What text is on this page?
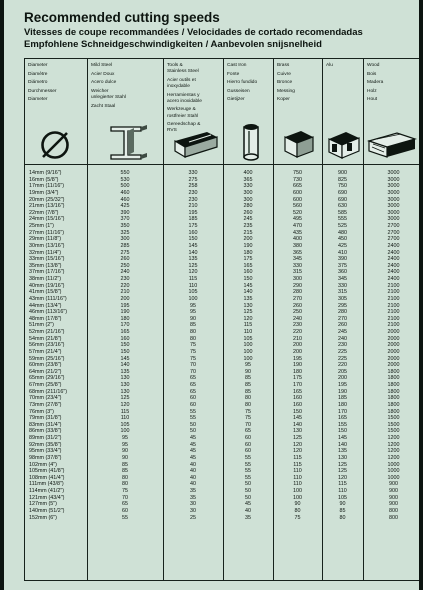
Recommended cutting speeds
Vitesses de coupe recommandées / Velocidades de cortado recomendadas
Empfohlene Schneidgeschwindigkeiten / Aanbevolen snijsnelheid
Diameter
Diamètre
Diámetro
Durchmesser
Diameter
Mild Steel
Acier Doux
Acero dulce
Weicher
unlegierter Stahl
Zacht Staal
Tools &
Stainless Steel
Acier outils et
inoxydable
Herramientas y
acero inoxidable
Werkzeuge &
rostfreier Stahl
Gereedschap &
RVS
Cast Iron
Fonte
Hierro fundido
Gusseisen
Gietijzer
Brass
Cuivre
Bronce
Messing
Koper
Alu	Wood
Bois
Madera
Holz
Hout
14mm (9/16")
16mm (5/8")
17mm (11/16")
19mm (3/4")
20mm (25/32")
21mm (13/16")
22mm (7/8")
24mm (15/16")
25mm (1")
27mm (11/16")
29mm (11/8")
30mm (13/16")
32mm (11/4")
33mm (15/16")
35mm (13/8")
37mm (17/16")
38mm (11/2")
40mm (19/16")
41mm (15/8")
43mm (111/16")
44mm (13/4")
46mm (113/16")
48mm (17/8")
51mm (2")
52mm (21/16")
54mm (21/8")
56mm (23/16")
57mm (21/4")
59mm (25/16")
60mm (23/8")
64mm (21/2")
65mm (29/16")
67mm (25/8")
68mm (211/16")
70mm (23/4")
73mm (27/8")
76mm (3")
79mm (31/8")
83mm (31/4")
86mm (33/8")
89mm (31/2")
92mm (35/8")
95mm (33/4")
98mm (37/8")
102mm (4")
105mm (41/8")
108mm (41/4")
111mm (43/8")
114mm (41/2")
121mm (43/4")
127mm (5")
140mm (51/2")
152mm (6")
550
530
500
460
460
425
390
370
350
325
300
285
275
260
250
240
230
220
210
200
195
190
180
170
165
160
150
150
145
140
135
130
130
130
125
120
115
110
105
100
95
95
90
90
85
85
80
80
75
70
65
60
55
330
275
258
230
230
210
195
185
175
160
150
145
140
135
125
120
115
110
105
100
95
95
90
85
80
80
75
75
75
70
70
65
65
65
60
60
55
55
50
50
45
45
45
45
40
40
40
40
35
35
30
30
25
400
365
330
300
300
280
260
245
235
215
200
190
180
175
165
160
150
145
140
135
130
125
120
115
110
105
100
100
100
95
90
85
85
85
80
80
75
75
70
65
60
60
60
55
55
55
55
50
50
50
45
40
35
750
730
665
600
600
560
520
495
470
435
400
380
365
345
330
315
300
290
280
270
260
250
240
230
220
210
200
200
195
190
180
175
170
165
160
160
150
145
140
130
125
120
120
115
115
110
110
110
100
100
90
80
75
900
825
750
690
690
630
585
555
525
480
450
425
410
390
375
360
345
330
315
305
295
280
270
260
245
240
230
225
225
220
205
200
195
190
185
180
170
165
155
150
145
140
135
130
125
125
120
115
110
105
90
85
80
3000
3000
3000
3000
3000
3000
3000
3000
2700
2700
2700
2400
2400
2400
2400
2400
2400
2100
2100
2100
2100
2100
2100
2100
2000
2000
2000
2000
2000
2000
1800
1800
1800
1800
1800
1800
1800
1500
1500
1500
1200
1200
1200
1200
1000
1000
1000
900
900
900
900
800
800
